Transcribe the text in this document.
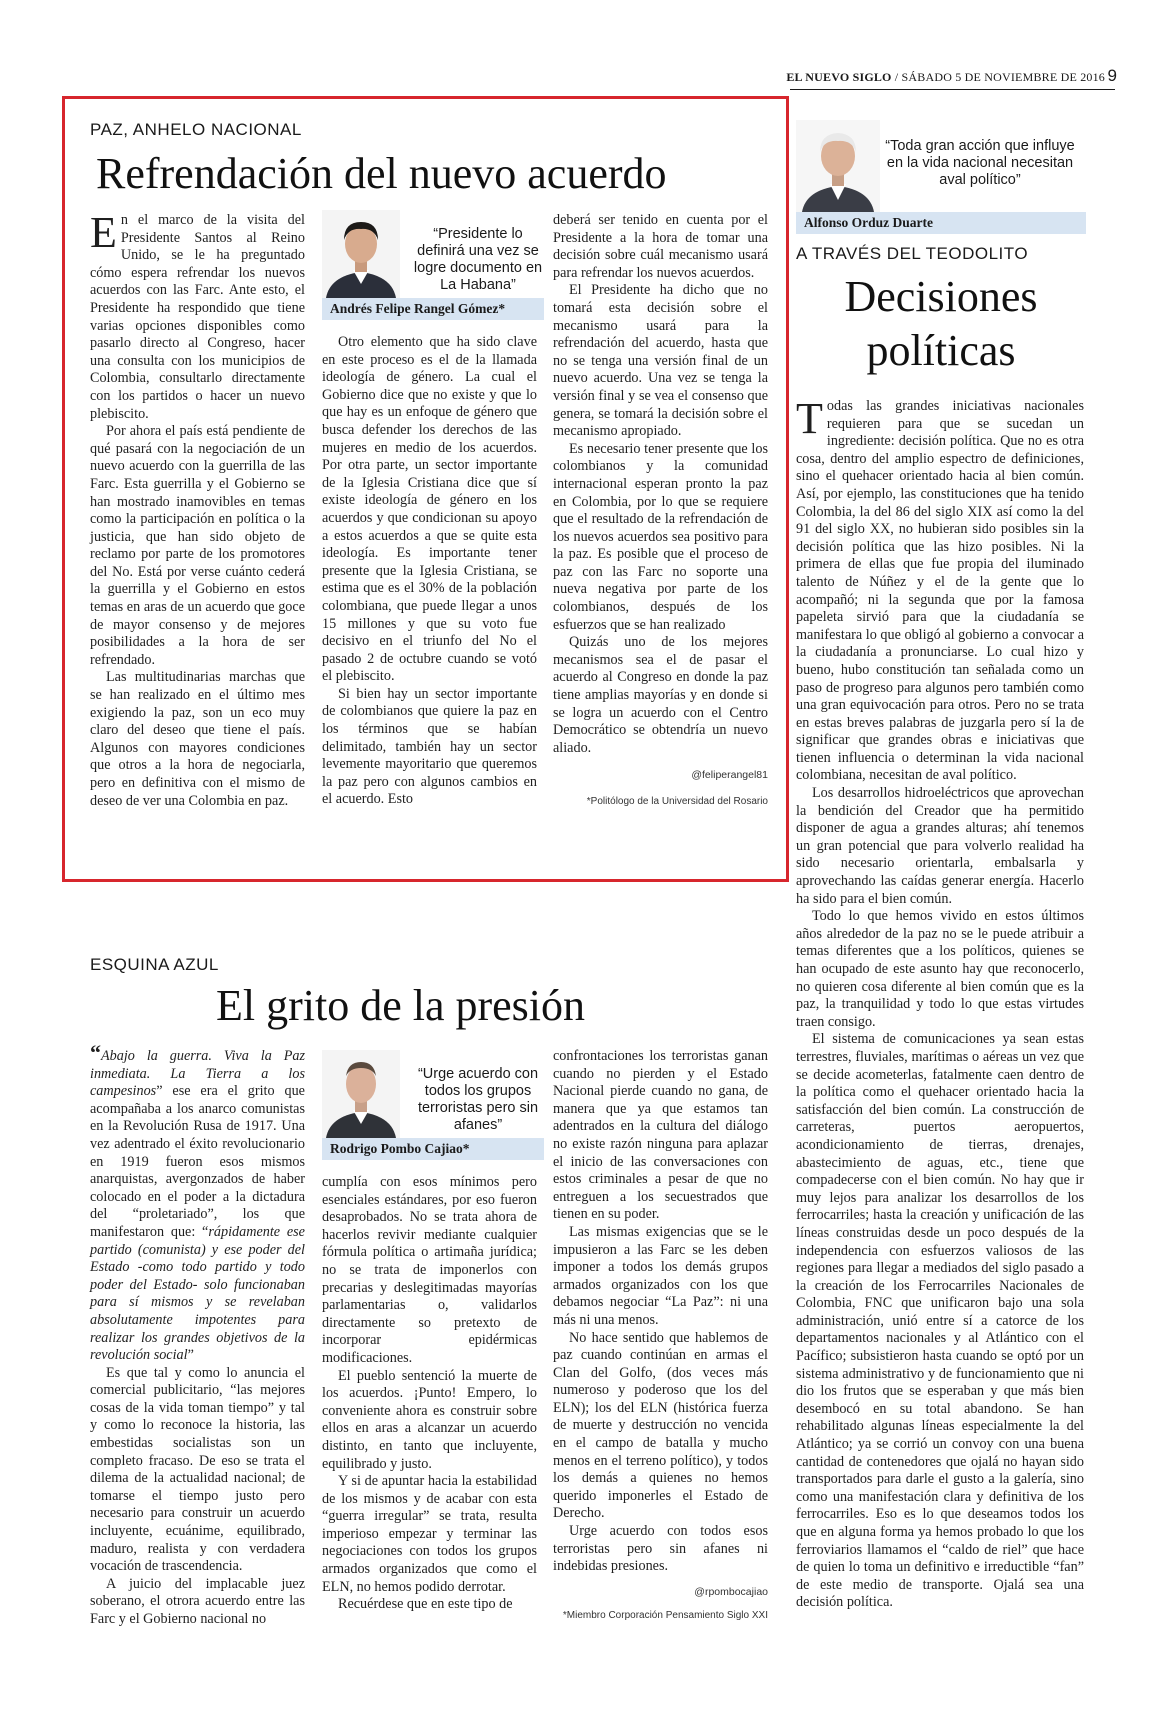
EL NUEVO SIGLO / SÁBADO 5 DE NOVIEMBRE DE 2016 9
PAZ, ANHELO NACIONAL
Refrendación del nuevo acuerdo

En el marco de la visita del Presidente Santos al Reino Unido, se le ha preguntado cómo espera refrendar los nuevos acuerdos con las Farc. Ante esto, el Presidente ha respondido que tiene varias opciones disponibles como pasarlo directo al Congreso, hacer una consulta con los municipios de Colombia, consultarlo directamente con los partidos o hacer un nuevo plebiscito.

Por ahora el país está pendiente de qué pasará con la negociación de un nuevo acuerdo con la guerrilla de las Farc. Esta guerrilla y el Gobierno se han mostrado inamovibles en temas como la participación en política o la justicia, que han sido objeto de reclamo por parte de los promotores del No. Está por verse cuánto cederá la guerrilla y el Gobierno en estos temas en aras de un acuerdo que goce de mayor consenso y de mejores posibilidades a la hora de ser refrendado.

Las multitudinarias marchas que se han realizado en el último mes exigiendo la paz, son un eco muy claro del deseo que tiene el país. Algunos con mayores condiciones que otros a la hora de negociarla, pero en definitiva con el mismo de deseo de ver una Colombia en paz.

“Presidente lo definirá una vez se logre documento en La Habana”
Andrés Felipe Rangel Gómez*

Otro elemento que ha sido clave en este proceso es el de la llamada ideología de género. La cual el Gobierno dice que no existe y que lo que hay es un enfoque de género que busca defender los derechos de las mujeres en medio de los acuerdos. Por otra parte, un sector importante de la Iglesia Cristiana dice que sí existe ideología de género en los acuerdos y que condicionan su apoyo a estos acuerdos a que se quite esta ideología. Es importante tener presente que la Iglesia Cristiana, se estima que es el 30% de la población colombiana, que puede llegar a unos 15 millones y que su voto fue decisivo en el triunfo del No el pasado 2 de octubre cuando se votó el plebiscito.

Si bien hay un sector importante de colombianos que quiere la paz en los términos que se habían delimitado, también hay un sector levemente mayoritario que queremos la paz pero con algunos cambios en el acuerdo. Esto

deberá ser tenido en cuenta por el Presidente a la hora de tomar una decisión sobre cuál mecanismo usará para refrendar los nuevos acuerdos.

El Presidente ha dicho que no tomará esta decisión sobre el mecanismo usará para la refrendación del acuerdo, hasta que no se tenga una versión final de un nuevo acuerdo. Una vez se tenga la versión final y se vea el consenso que genera, se tomará la decisión sobre el mecanismo apropiado.

Es necesario tener presente que los colombianos y la comunidad internacional esperan pronto la paz en Colombia, por lo que se requiere que el resultado de la refrendación de los nuevos acuerdos sea positivo para la paz. Es posible que el proceso de paz con las Farc no soporte una nueva negativa por parte de los colombianos, después de los esfuerzos que se han realizado

Quizás uno de los mejores mecanismos sea el de pasar el acuerdo al Congreso en donde la paz tiene amplias mayorías y en donde si se logra un acuerdo con el Centro Democrático se obtendría un nuevo aliado.

@feliperangel81
*Politólogo de la Universidad del Rosario
“Toda gran acción que influye en la vida nacional necesitan aval político”
Alfonso Orduz Duarte
A TRAVÉS DEL TEODOLITO
Decisiones
políticas

Todas las grandes iniciativas nacionales requieren para que se sucedan un ingrediente: decisión política. Que no es otra cosa, dentro del amplio espectro de definiciones, sino el quehacer orientado hacia al bien común. Así, por ejemplo, las constituciones que ha tenido Colombia, la del 86 del siglo XIX así como la del 91 del siglo XX, no hubieran sido posibles sin la decisión política que las hizo posibles. Ni la primera de ellas que fue propia del iluminado talento de Núñez y el de la gente que lo acompañó; ni la segunda que por la famosa papeleta sirvió para que la ciudadanía se manifestara lo que obligó al gobierno a convocar a la ciudadanía a pronunciarse. Lo cual hizo y bueno, hubo constitución tan señalada como un paso de progreso para algunos pero también como una gran equivocación para otros. Pero no se trata en estas breves palabras de juzgarla pero sí la de significar que grandes obras e iniciativas que tienen influencia o determinan la vida nacional colombiana, necesitan de aval político.

Los desarrollos hidroeléctricos que aprovechan la bendición del Creador que ha permitido disponer de agua a grandes alturas; ahí tenemos un gran potencial que para volverlo realidad ha sido necesario orientarla, embalsarla y aprovechando las caídas generar energía. Hacerlo ha sido para el bien común.

Todo lo que hemos vivido en estos últimos años alrededor de la paz no se le puede atribuir a temas diferentes que a los políticos, quienes se han ocupado de este asunto hay que reconocerlo, no quieren cosa diferente al bien común que es la paz, la tranquilidad y todo lo que estas virtudes traen consigo.

El sistema de comunicaciones ya sean estas terrestres, fluviales, marítimas o aéreas un vez que se decide acometerlas, fatalmente caen dentro de la política como el quehacer orientado hacia la satisfacción del bien común. La construcción de carreteras, puertos aeropuertos, acondicionamiento de tierras, drenajes, abastecimiento de aguas, etc., tiene que compadecerse con el bien común. No hay que ir muy lejos para analizar los desarrollos de los ferrocarriles; hasta la creación y unificación de las líneas construidas desde un poco después de la independencia con esfuerzos valiosos de las regiones para llegar a mediados del siglo pasado a la creación de los Ferrocarriles Nacionales de Colombia, FNC que unificaron bajo una sola administración, unió entre sí a catorce de los departamentos nacionales y al Atlántico con el Pacífico; subsistieron hasta cuando se optó por un sistema administrativo y de funcionamiento que ni dio los frutos que se esperaban y que más bien desembocó en su total abandono. Se han rehabilitado algunas líneas especialmente la del Atlántico; ya se corrió un convoy con una buena cantidad de contenedores que ojalá no hayan sido transportados para darle el gusto a la galería, sino como una manifestación clara y definitiva de los ferrocarriles. Eso es lo que deseamos todos los que en alguna forma ya hemos probado lo que los ferroviarios llamamos el “caldo de riel” que hace de quien lo toma un definitivo e irreductible “fan” de este medio de transporte. Ojalá sea una decisión política.

ESQUINA AZUL
El grito de la presión

“Abajo la guerra. Viva la Paz inmediata. La Tierra a los campesinos” ese era el grito que acompañaba a los anarco comunistas en la Revolución Rusa de 1917. Una vez adentrado el éxito revolucionario en 1919 fueron esos mismos anarquistas, avergonzados de haber colocado en el poder a la dictadura del “proletariado”, los que manifestaron que: “rápidamente ese partido (comunista) y ese poder del Estado -como todo partido y todo poder del Estado- solo funcionaban para sí mismos y se revelaban absolutamente impotentes para realizar los grandes objetivos de la revolución social”

Es que tal y como lo anuncia el comercial publicitario, “las mejores cosas de la vida toman tiempo” y tal y como lo reconoce la historia, las embestidas socialistas son un completo fracaso. De eso se trata el dilema de la actualidad nacional; de tomarse el tiempo justo pero necesario para construir un acuerdo incluyente, ecuánime, equilibrado, maduro, realista y con verdadera vocación de trascendencia.

A juicio del implacable juez soberano, el otrora acuerdo entre las Farc y el Gobierno nacional no

“Urge acuerdo con todos los grupos terroristas pero sin afanes”
Rodrigo Pombo Cajiao*

cumplía con esos mínimos pero esenciales estándares, por eso fueron desaprobados. No se trata ahora de hacerlos revivir mediante cualquier fórmula política o artimaña jurídica; no se trata de imponerlos con precarias y deslegitimadas mayorías parlamentarias o, validarlos directamente so pretexto de incorporar epidérmicas modificaciones.

El pueblo sentenció la muerte de los acuerdos. ¡Punto! Empero, lo conveniente ahora es construir sobre ellos en aras a alcanzar un acuerdo distinto, en tanto que incluyente, equilibrado y justo.

Y si de apuntar hacia la estabilidad de los mismos y de acabar con esta “guerra irregular” se trata, resulta imperioso empezar y terminar las negociaciones con todos los grupos armados organizados que como el ELN, no hemos podido derrotar.

Recuérdese que en este tipo de

confrontaciones los terroristas ganan cuando no pierden y el Estado Nacional pierde cuando no gana, de manera que ya que estamos tan adentrados en la cultura del diálogo no existe razón ninguna para aplazar el inicio de las conversaciones con estos criminales a pesar de que no entreguen a los secuestrados que tienen en su poder.

Las mismas exigencias que se le impusieron a las Farc se les deben imponer a todos los demás grupos armados organizados con los que debamos negociar “La Paz”: ni una más ni una menos.

No hace sentido que hablemos de paz cuando continúan en armas el Clan del Golfo, (dos veces más numeroso y poderoso que los del ELN); los del ELN (histórica fuerza de muerte y destrucción no vencida en el campo de batalla y mucho menos en el terreno político), y todos los demás a quienes no hemos querido imponerles el Estado de Derecho.

Urge acuerdo con todos esos terroristas pero sin afanes ni indebidas presiones.

@rpombocajiao
*Miembro Corporación Pensamiento Siglo XXI
